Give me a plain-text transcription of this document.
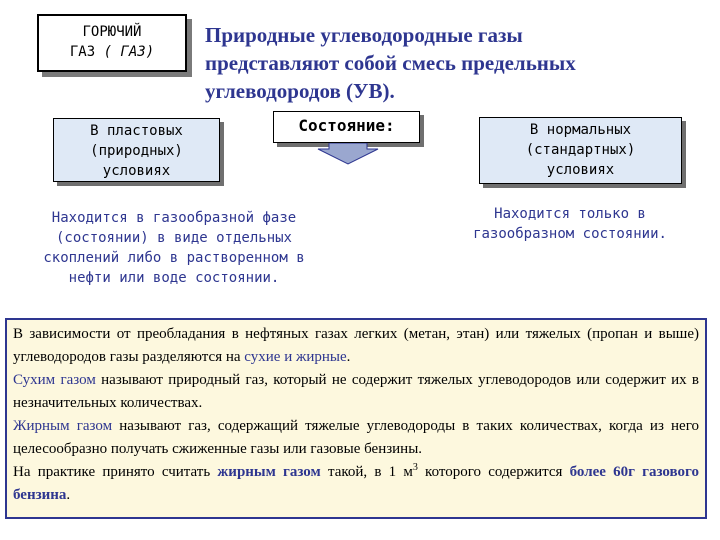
ГОРЮЧИЙ
ГАЗ ( ГАЗ)
Природные углеводородные газы
представляют собой смесь предельных
углеводородов (УВ).
В пластовых
(природных)
условиях
Состояние:	В нормальных
(стандартных)
условиях
Находится в газообразной фазе
(состоянии) в виде отдельных
скоплений либо в растворенном в
нефти или воде состоянии.
Находится только в
газообразном состоянии.

В зависимости от преобладания в нефтяных газах легких (метан, этан) или тяжелых (пропан и выше) углеводородов газы разделяются на сухие и жирные.

Сухим газом называют природный газ, который не содержит тяжелых углеводородов или содержит их в незначительных количествах.

Жирным газом называют газ, содержащий тяжелые углеводороды в таких количествах, когда из него целесообразно получать сжиженные газы или газовые бензины.

На практике принято считать жирным газом такой, в 1 $м^3$ которого содержится более 60г газового бензина.
